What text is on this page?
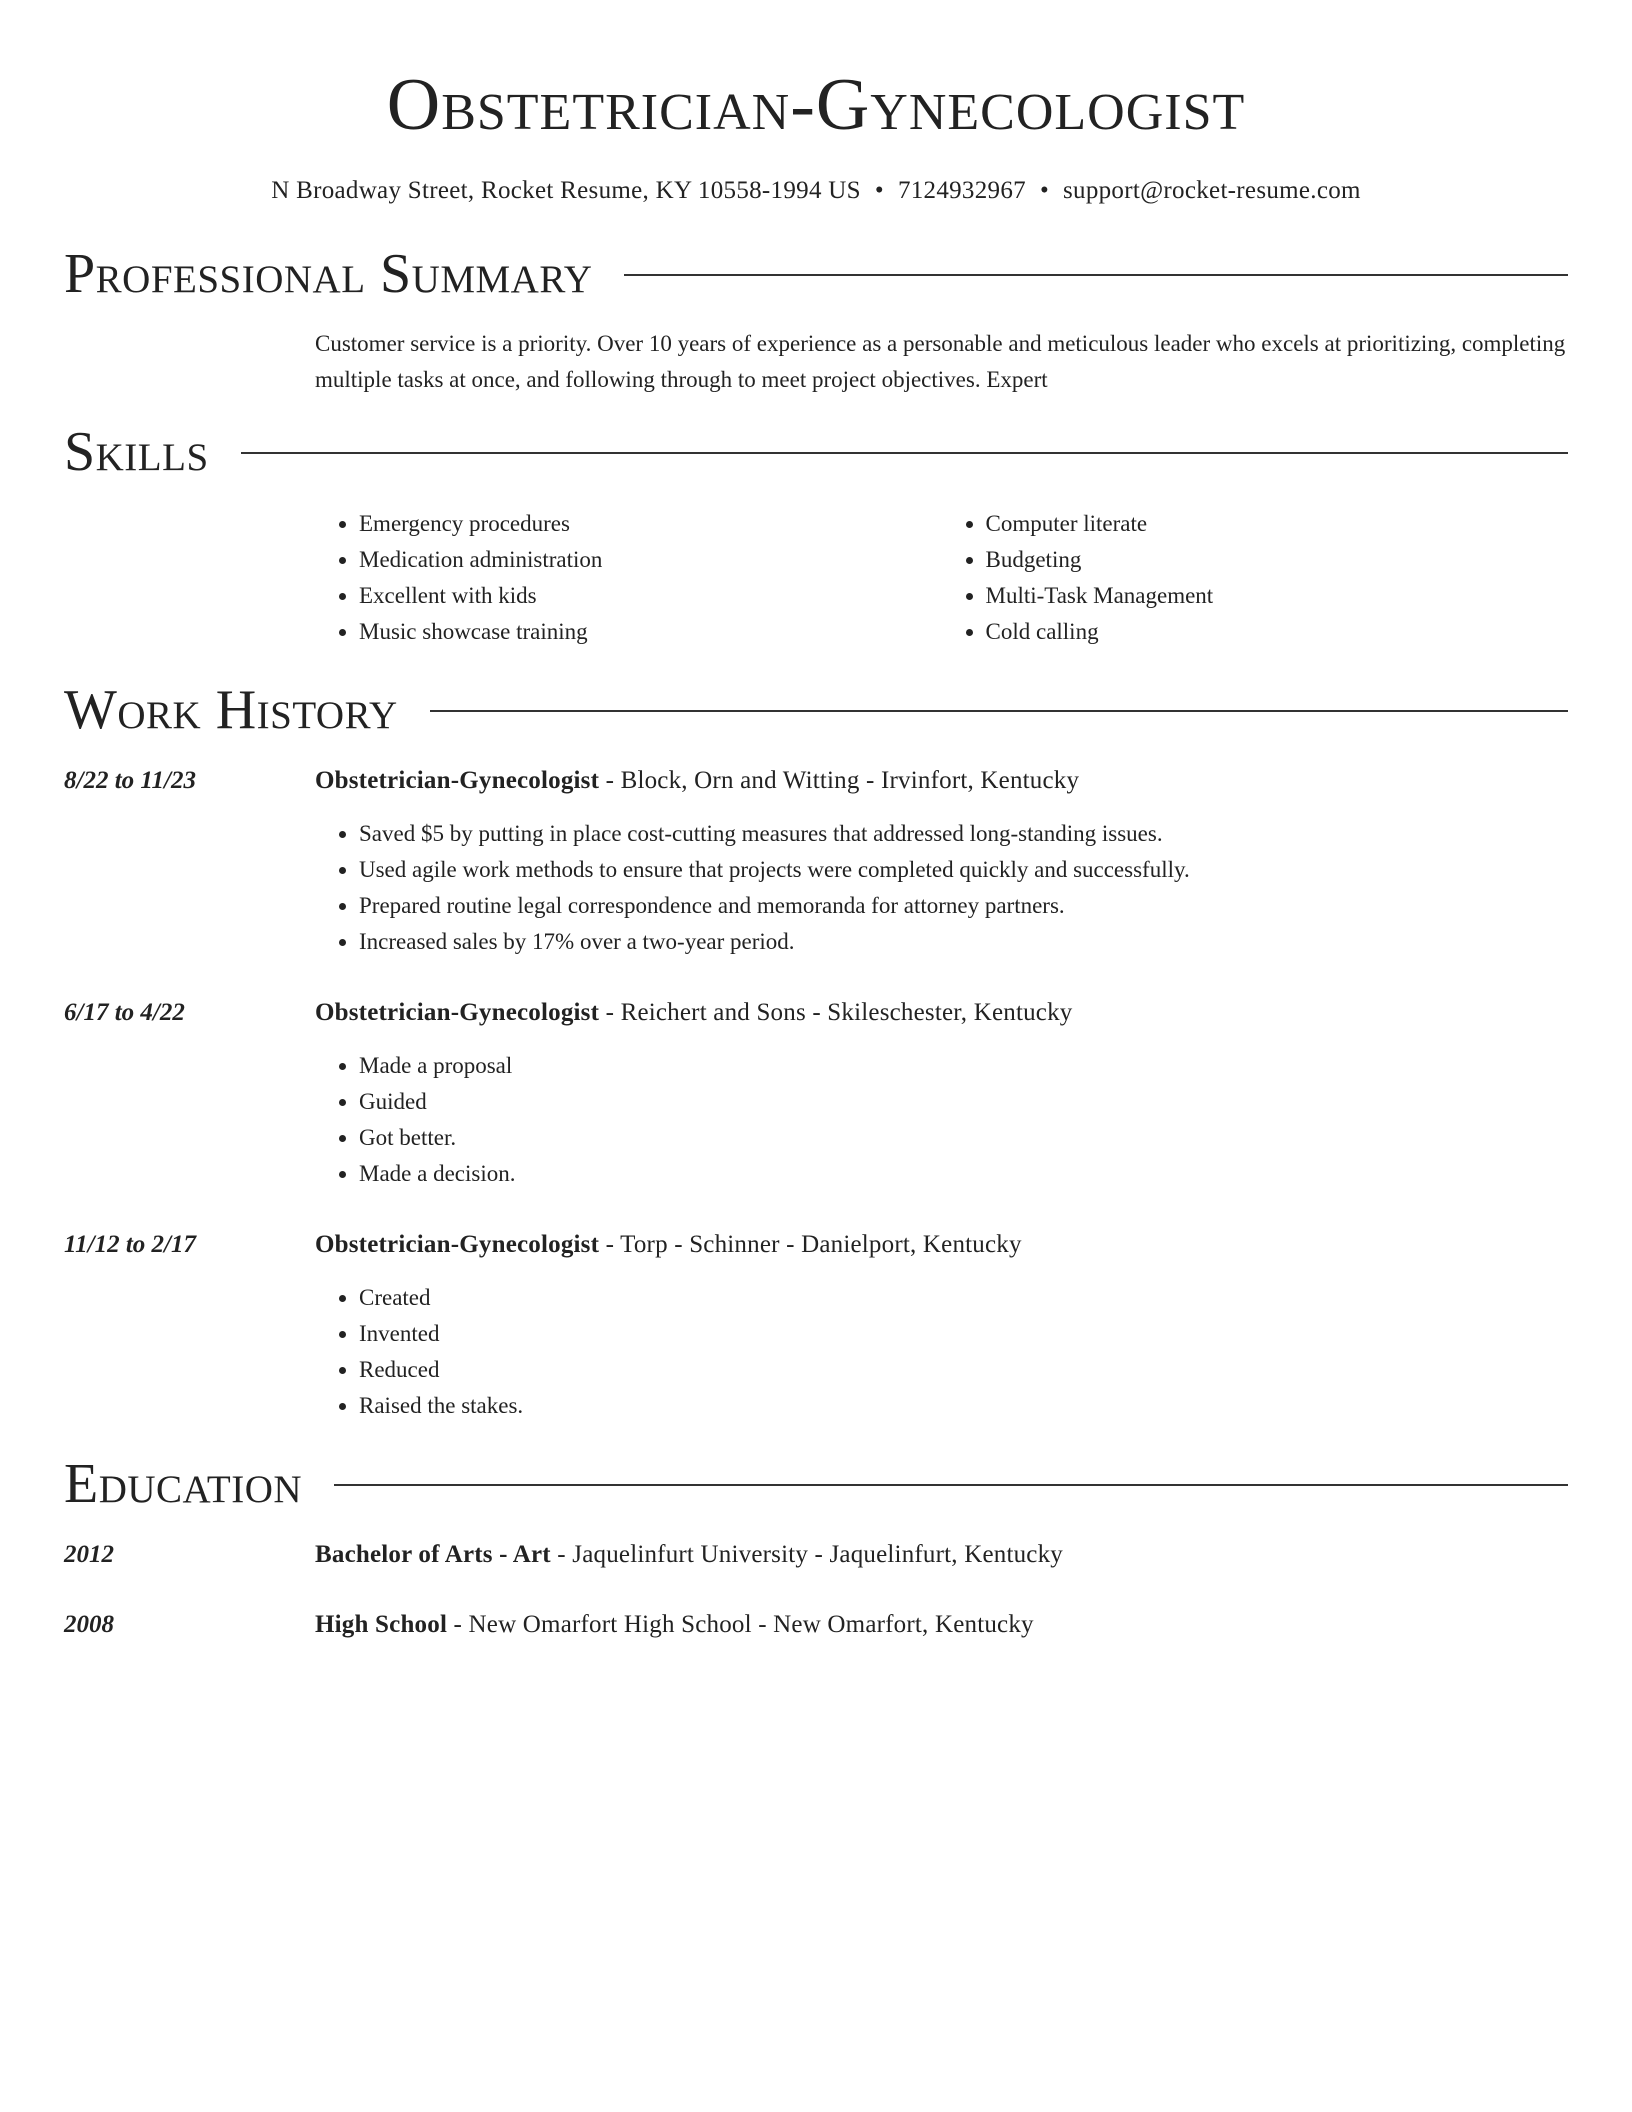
Obstetrician-Gynecologist
N Broadway Street, Rocket Resume, KY 10558-1994 US • 7124932967 • support@rocket-resume.com
Professional Summary
Customer service is a priority. Over 10 years of experience as a personable and meticulous leader who excels at prioritizing, completing multiple tasks at once, and following through to meet project objectives. Expert
Skills
• Emergency procedures
• Medication administration
• Excellent with kids
• Music showcase training
• Computer literate
• Budgeting
• Multi-Task Management
• Cold calling
Work History
8/22 to 11/23	Obstetrician-Gynecologist - Block, Orn and Witting - Irvinfort, Kentucky
• Saved $5 by putting in place cost-cutting measures that addressed long-standing issues.
• Used agile work methods to ensure that projects were completed quickly and successfully.
• Prepared routine legal correspondence and memoranda for attorney partners.
• Increased sales by 17% over a two-year period.
6/17 to 4/22	Obstetrician-Gynecologist - Reichert and Sons - Skileschester, Kentucky
• Made a proposal
• Guided
• Got better.
• Made a decision.
11/12 to 2/17	Obstetrician-Gynecologist - Torp - Schinner - Danielport, Kentucky
• Created
• Invented
• Reduced
• Raised the stakes.
Education
2012	Bachelor of Arts - Art - Jaquelinfurt University - Jaquelinfurt, Kentucky
2008	High School - New Omarfort High School - New Omarfort, Kentucky
